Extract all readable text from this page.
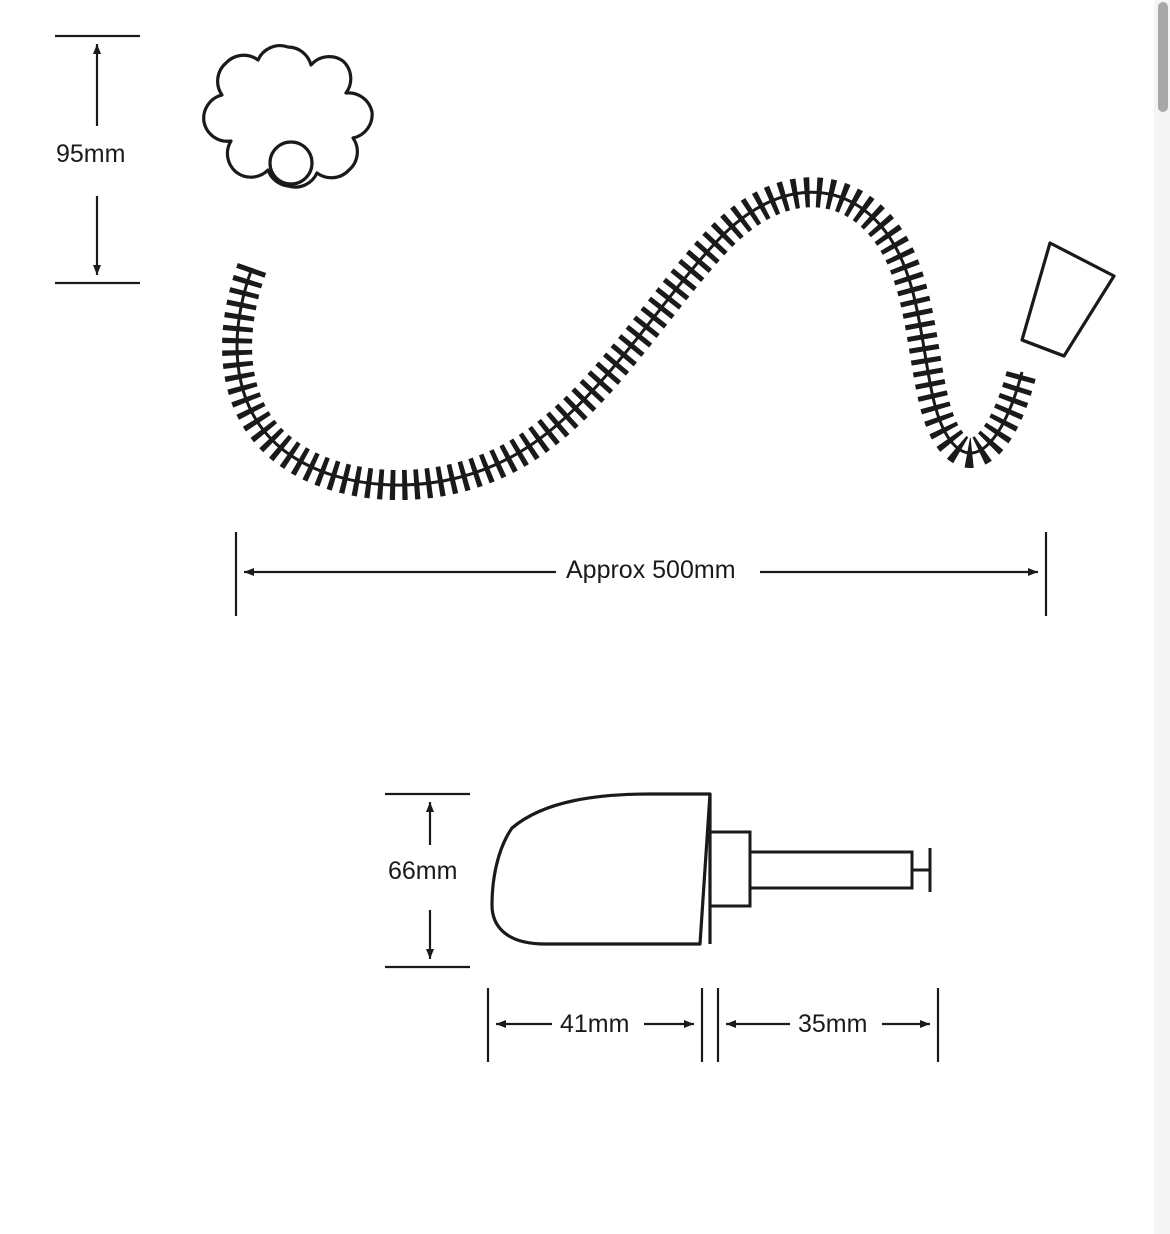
95mm
Approx 500mm
66mm
41mm	35mm
